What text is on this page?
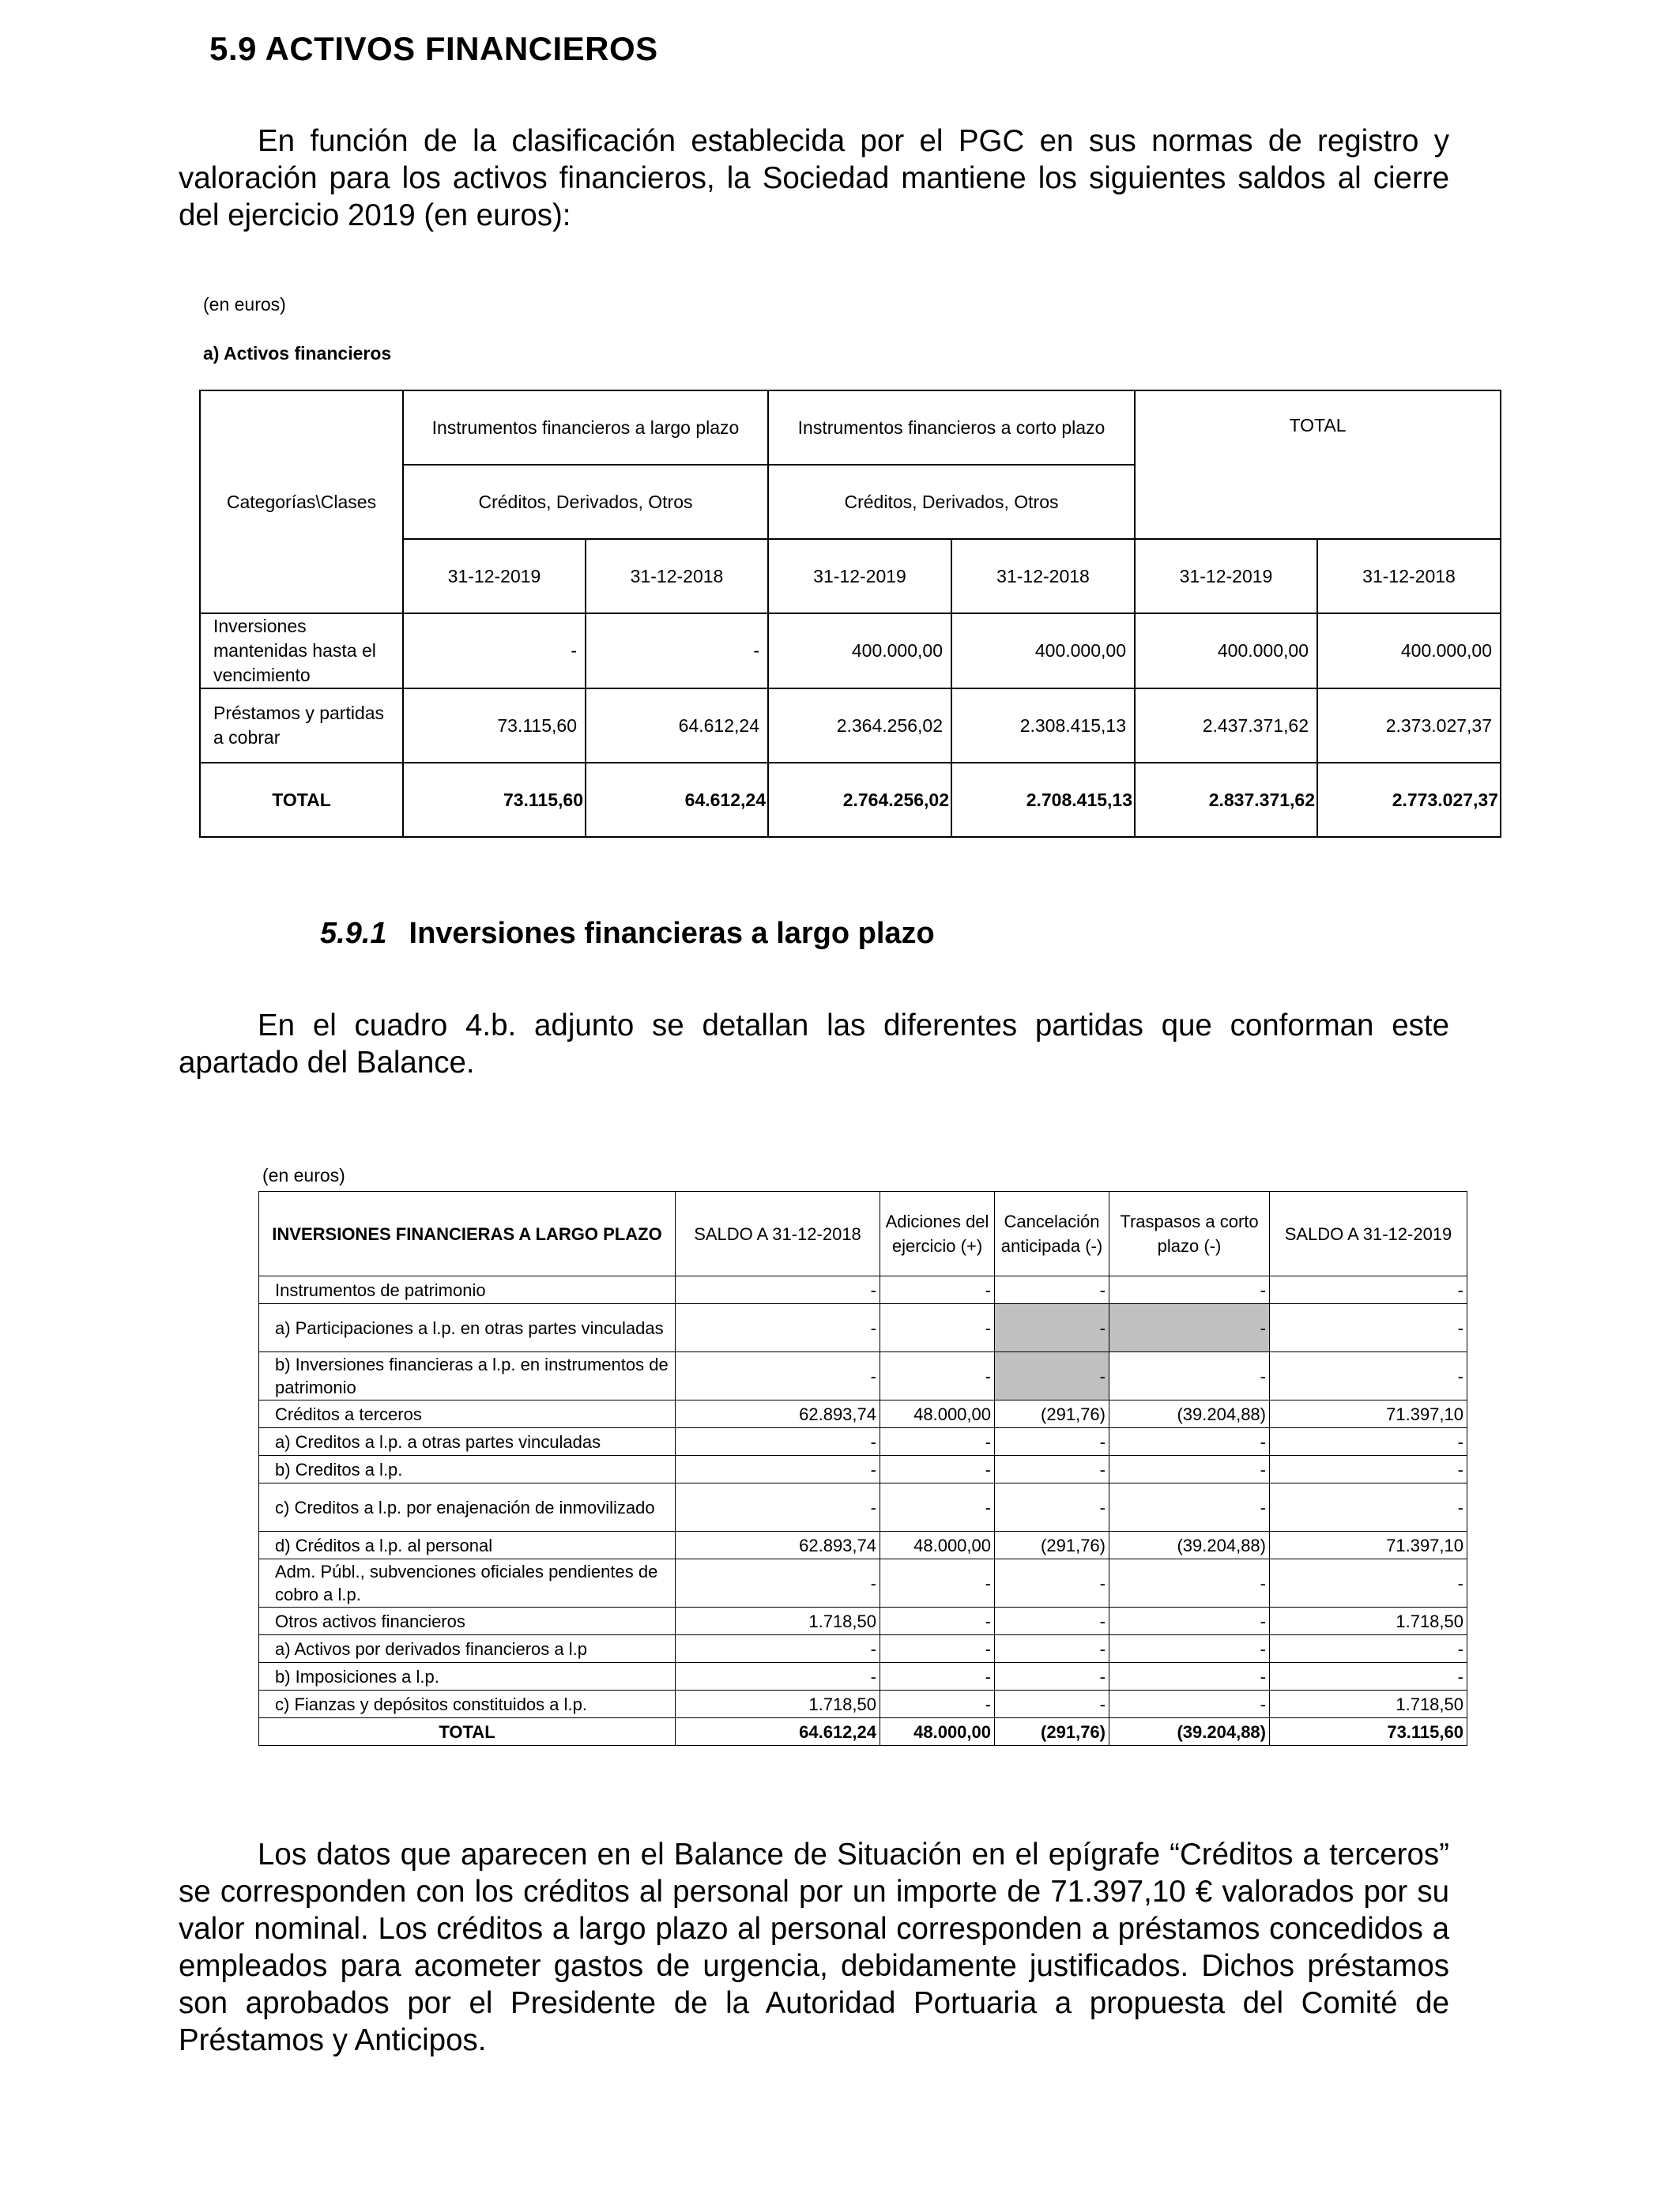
5.9 ACTIVOS FINANCIEROS

En función de la clasificación establecida por el PGC en sus normas de registro y valoración para los activos financieros, la Sociedad mantiene los siguientes saldos al cierre del ejercicio 2019 (en euros):

(en euros)
a) Activos financieros
Categorías\Clases	Instrumentos financieros a largo plazo		Instrumentos financieros a corto plazo		TOTAL	
	Créditos, Derivados, Otros		Créditos, Derivados, Otros			
	31-12-2019	31-12-2018	31-12-2019	31-12-2018	31-12-2019	31-12-2018
Inversiones mantenidas hasta el vencimiento	-	-	400.000,00	400.000,00	400.000,00	400.000,00
Préstamos y partidas a cobrar	73.115,60	64.612,24	2.364.256,02	2.308.415,13	2.437.371,62	2.373.027,37
TOTAL	73.115,60	64.612,24	2.764.256,02	2.708.415,13	2.837.371,62	2.773.027,37
5.9.1 Inversiones financieras a largo plazo

En el cuadro 4.b. adjunto se detallan las diferentes partidas que conforman este apartado del Balance.

(en euros)
INVERSIONES FINANCIERAS A LARGO PLAZO	SALDO A 31-12-2018	Adiciones del ejercicio (+)	Cancelación anticipada (-)	Traspasos a corto plazo (-)	SALDO A 31-12-2019
Instrumentos de patrimonio	-	-	-	-	-
a) Participaciones a l.p. en otras partes vinculadas	-	-	-	-	-
b) Inversiones financieras a l.p. en instrumentos de patrimonio	-	-	-	-	-
Créditos a terceros	62.893,74	48.000,00	(291,76)	(39.204,88)	71.397,10
a) Creditos a l.p. a otras partes vinculadas	-	-	-	-	-
b) Creditos a l.p.	-	-	-	-	-
c) Creditos a l.p. por enajenación de inmovilizado	-	-	-	-	-
d) Créditos a l.p. al personal	62.893,74	48.000,00	(291,76)	(39.204,88)	71.397,10
Adm. Públ., subvenciones oficiales pendientes de cobro a l.p.	-	-	-	-	-
Otros activos financieros	1.718,50	-	-	-	1.718,50
a) Activos por derivados financieros a l.p	-	-	-	-	-
b) Imposiciones a l.p.	-	-	-	-	-
c) Fianzas y depósitos constituidos a l.p.	1.718,50	-	-	-	1.718,50
TOTAL	64.612,24	48.000,00	(291,76)	(39.204,88)	73.115,60

Los datos que aparecen en el Balance de Situación en el epígrafe “Créditos a terceros” se corresponden con los créditos al personal por un importe de 71.397,10 € valorados por su valor nominal. Los créditos a largo plazo al personal corresponden a préstamos concedidos a empleados para acometer gastos de urgencia, debidamente justificados. Dichos préstamos son aprobados por el Presidente de la Autoridad Portuaria a propuesta del Comité de Préstamos y Anticipos.
